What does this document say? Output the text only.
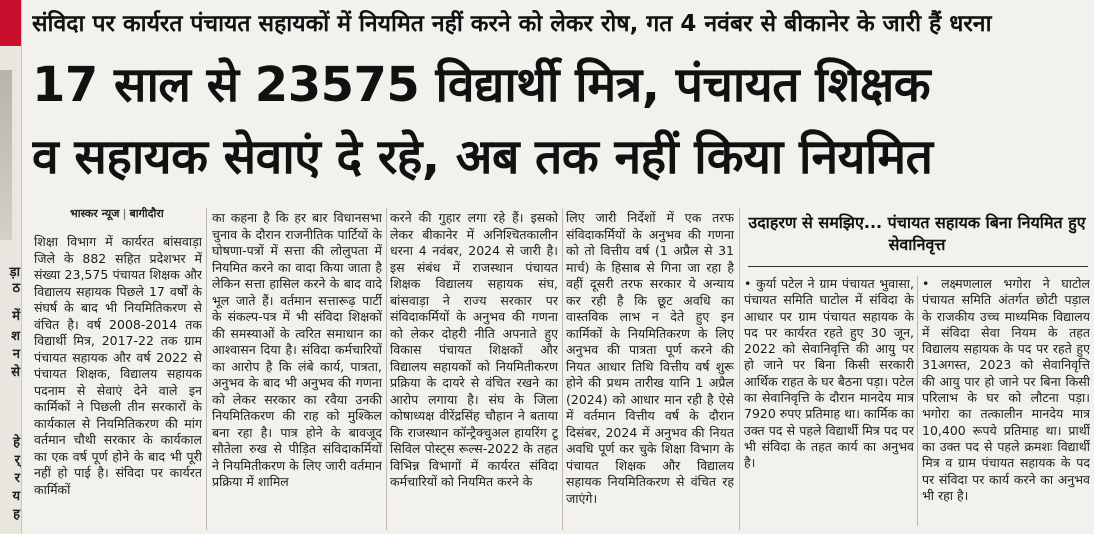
ड़ा
ठ
में
श
न
से
हे
र्
र
य
ह
संविदा पर कार्यरत पंचायत सहायकों में नियमित नहीं करने को लेकर रोष, गत 4 नवंबर से बीकानेर के जारी हैं धरना
17 साल से 23575 विद्यार्थी मित्र, पंचायत शिक्षक
व सहायक सेवाएं दे रहे, अब तक नहीं किया नियमित
भास्कर न्यूज | बागीदौरा
शिक्षा विभाग में कार्यरत बांसवाड़ा जिले के 882 सहित प्रदेशभर में संख्या 23,575 पंचायत शिक्षक और विद्यालय सहायक पिछले 17 वर्षों के संघर्ष के बाद भी नियमितिकरण से वंचित है। वर्ष 2008-2014 तक विद्यार्थी मित्र, 2017-22 तक ग्राम पंचायत सहायक और वर्ष 2022 से पंचायत शिक्षक, विद्यालय सहायक पदनाम से सेवाएं देने वाले इन कार्मिकों ने पिछली तीन सरकारों के कार्यकाल से नियमितिकरण की मांग वर्तमान चौथी सरकार के कार्यकाल का एक वर्ष पूर्ण होने के बाद भी पूरी नहीं हो पाई है। संविदा पर कार्यरत कार्मिकों
का कहना है कि हर बार विधानसभा चुनाव के दौरान राजनीतिक पार्टियों के घोषणा-पत्रों में सत्ता की लोलुपता में नियमित करने का वादा किया जाता है लेकिन सत्ता हासिल करने के बाद वादे भूल जाते हैं। वर्तमान सत्तारूढ़ पार्टी के संकल्प-पत्र में भी संविदा शिक्षकों की समस्याओं के त्वरित समाधान का आश्वासन दिया है। संविदा कर्मचारियों का आरोप है कि लंबे कार्य, पात्रता, अनुभव के बाद भी अनुभव की गणना को लेकर सरकार का रवैया उनकी नियमितिकरण की राह को मुश्किल बना रहा है। पात्र होने के बावजूद सौतेला रुख से पीड़ित संविदाकर्मियों ने नियमितीकरण के लिए जारी वर्तमान प्रक्रिया में शामिल
करने की गुहार लगा रहे हैं। इसको लेकर बीकानेर में अनिश्चितकालीन धरना 4 नवंबर, 2024 से जारी है। इस संबंध में राजस्थान पंचायत शिक्षक विद्यालय सहायक संघ, बांसवाड़ा ने राज्य सरकार पर संविदाकर्मियों के अनुभव की गणना को लेकर दोहरी नीति अपनाते हुए विकास पंचायत शिक्षकों और विद्यालय सहायकों को नियमितीकरण प्रक्रिया के दायरे से वंचित रखने का आरोप लगाया है। संघ के जिला कोषाध्यक्ष वीरेंद्रसिंह चौहान ने बताया कि राजस्थान कॉन्ट्रैक्चुअल हायरिंग टू सिविल पोस्ट्स रूल्स-2022 के तहत विभिन्न विभागों में कार्यरत संविदा कर्मचारियों को नियमित करने के
लिए जारी निर्देशों में एक तरफ संविदाकर्मियों के अनुभव की गणना को तो वित्तीय वर्ष (1 अप्रैल से 31 मार्च) के हिसाब से गिना जा रहा है वहीं दूसरी तरफ सरकार ये अन्याय कर रही है कि छूट अवधि का वास्तविक लाभ न देते हुए इन कार्मिकों के नियमितिकरण के लिए अनुभव की पात्रता पूर्ण करने की नियत आधार तिथि वित्तीय वर्ष शुरू होने की प्रथम तारीख यानि 1 अप्रैल (2024) को आधार मान रही है ऐसे में वर्तमान वित्तीय वर्ष के दौरान दिसंबर, 2024 में अनुभव की नियत अवधि पूर्ण कर चुके शिक्षा विभाग के पंचायत शिक्षक और विद्यालय सहायक नियमितिकरण से वंचित रह जाएंगे।
उदाहरण से समझिए... पंचायत सहायक बिना नियमित हुए सेवानिवृत्त
• कुर्या पटेल ने ग्राम पंचायत भुवासा, पंचायत समिति घाटोल में संविदा के आधार पर ग्राम पंचायत सहायक के पद पर कार्यरत रहते हुए 30 जून, 2022 को सेवानिवृत्ति की आयु पर हो जाने पर बिना किसी सरकारी आर्थिक राहत के घर बैठना पड़ा। पटेल का सेवानिवृत्ति के दौरान मानदेय मात्र 7920 रुपए प्रतिमाह था। कार्मिक का उक्त पद से पहले विद्यार्थी मित्र पद पर भी संविदा के तहत कार्य का अनुभव है।
• लक्ष्मणलाल भगोरा ने घाटोल पंचायत समिति अंतर्गत छोटी पड़ाल के राजकीय उच्च माध्यमिक विद्यालय में संविदा सेवा नियम के तहत विद्यालय सहायक के पद पर रहते हुए 31अगस्त, 2023 को सेवानिवृत्ति की आयु पार हो जाने पर बिना किसी परिलाभ के घर को लौटना पड़ा। भगोरा का तत्कालीन मानदेय मात्र 10,400 रूपये प्रतिमाह था। प्रार्थी का उक्त पद से पहले क्रमशः विद्यार्थी मित्र व ग्राम पंचायत सहायक के पद पर संविदा पर कार्य करने का अनुभव भी रहा है।
